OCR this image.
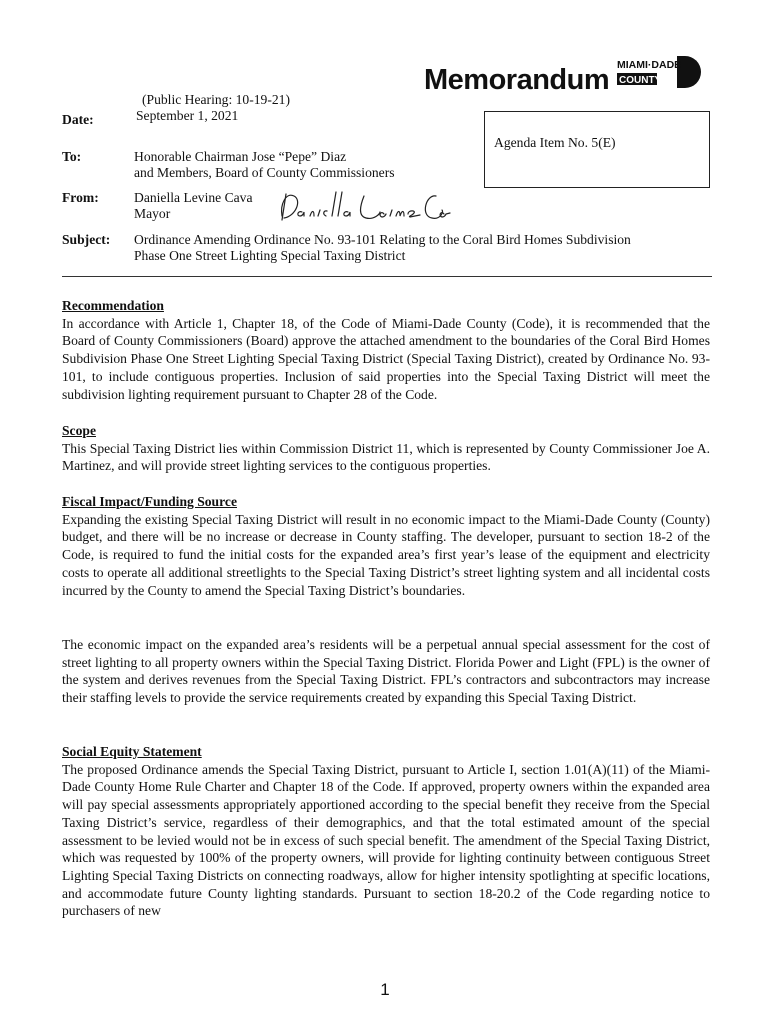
Memorandum MIAMI·DADE
COUNTY
(Public Hearing: 10-19-21)
Date:	September 1, 2021
Agenda Item No. 5(E)
To:	Honorable Chairman Jose “Pepe” Diaz
and Members, Board of County Commissioners
From:	Daniella Levine Cava
Mayor
Subject: Ordinance Amending Ordinance No. 93-101 Relating to the Coral Bird Homes Subdivision
Phase One Street Lighting Special Taxing District
Recommendation
In accordance with Article 1, Chapter 18, of the Code of Miami-Dade County (Code), it is recommended that the Board of County Commissioners (Board) approve the attached amendment to the boundaries of the Coral Bird Homes Subdivision Phase One Street Lighting Special Taxing District (Special Taxing District), created by Ordinance No. 93-101, to include contiguous properties. Inclusion of said properties into the Special Taxing District will meet the subdivision lighting requirement pursuant to Chapter 28 of the Code.
Scope
This Special Taxing District lies within Commission District 11, which is represented by County Commissioner Joe A. Martinez, and will provide street lighting services to the contiguous properties.
Fiscal Impact/Funding Source
Expanding the existing Special Taxing District will result in no economic impact to the Miami-Dade County (County) budget, and there will be no increase or decrease in County staffing. The developer, pursuant to section 18-2 of the Code, is required to fund the initial costs for the expanded area’s first year’s lease of the equipment and electricity costs to operate all additional streetlights to the Special Taxing District’s street lighting system and all incidental costs incurred by the County to amend the Special Taxing District’s boundaries.
The economic impact on the expanded area’s residents will be a perpetual annual special assessment for the cost of street lighting to all property owners within the Special Taxing District. Florida Power and Light (FPL) is the owner of the system and derives revenues from the Special Taxing District. FPL’s contractors and subcontractors may increase their staffing levels to provide the service requirements created by expanding this Special Taxing District.
Social Equity Statement
The proposed Ordinance amends the Special Taxing District, pursuant to Article I, section 1.01(A)(11) of the Miami-Dade County Home Rule Charter and Chapter 18 of the Code. If approved, property owners within the expanded area will pay special assessments appropriately apportioned according to the special benefit they receive from the Special Taxing District’s service, regardless of their demographics, and that the total estimated amount of the special assessment to be levied would not be in excess of such special benefit. The amendment of the Special Taxing District, which was requested by 100% of the property owners, will provide for lighting continuity between contiguous Street Lighting Special Taxing Districts on connecting roadways, allow for higher intensity spotlighting at specific locations, and accommodate future County lighting standards. Pursuant to section 18-20.2 of the Code regarding notice to purchasers of new
1
